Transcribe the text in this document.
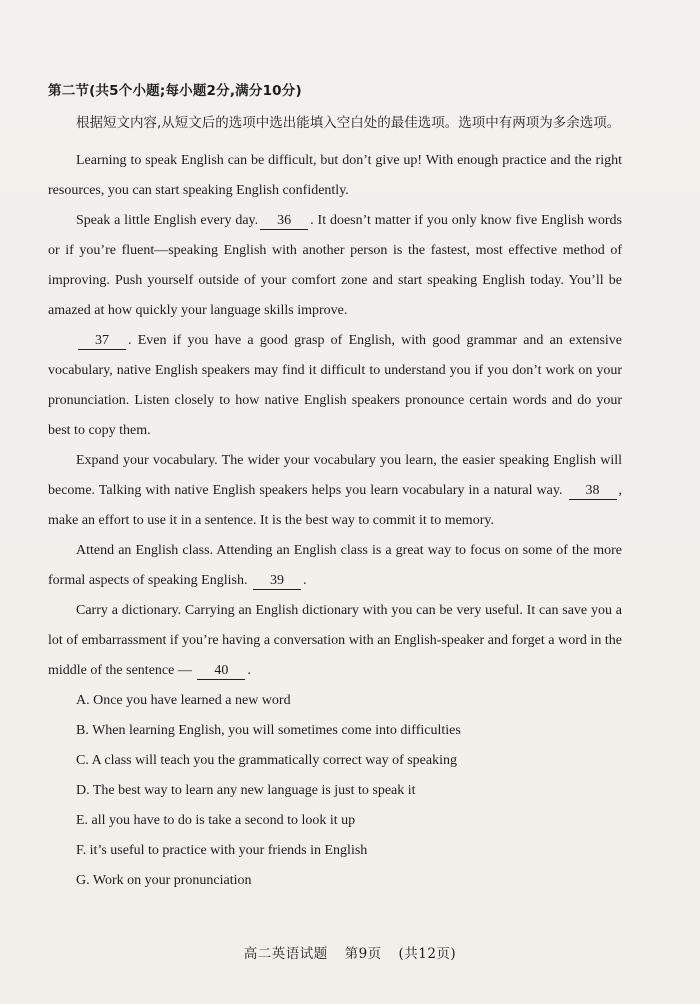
第二节(共5个小题;每小题2分,满分10分)

根据短文内容,从短文后的选项中选出能填入空白处的最佳选项。选项中有两项为多余选项。

Learning to speak English can be difficult, but don’t give up! With enough practice and the right resources, you can start speaking English confidently.

Speak a little English every day. 36 . It doesn’t matter if you only know five English words or if you’re fluent—speaking English with another person is the fastest, most effective method of improving. Push yourself outside of your comfort zone and start speaking English today. You’ll be amazed at how quickly your language skills improve.

37 . Even if you have a good grasp of English, with good grammar and an extensive vocabulary, native English speakers may find it difficult to understand you if you don’t work on your pronunciation. Listen closely to how native English speakers pronounce certain words and do your best to copy them.

Expand your vocabulary. The wider your vocabulary you learn, the easier speaking English will become. Talking with native English speakers helps you learn vocabulary in a natural way. 38 , make an effort to use it in a sentence. It is the best way to commit it to memory.

Attend an English class. Attending an English class is a great way to focus on some of the more formal aspects of speaking English. 39 .

Carry a dictionary. Carrying an English dictionary with you can be very useful. It can save you a lot of embarrassment if you’re having a conversation with an English-speaker and forget a word in the middle of the sentence — 40 .

A. Once you have learned a new word
B. When learning English, you will sometimes come into difficulties
C. A class will teach you the grammatically correct way of speaking
D. The best way to learn any new language is just to speak it
E. all you have to do is take a second to look it up
F. it’s useful to practice with your friends in English
G. Work on your pronunciation
高二英语试题 第9页 (共12页)
